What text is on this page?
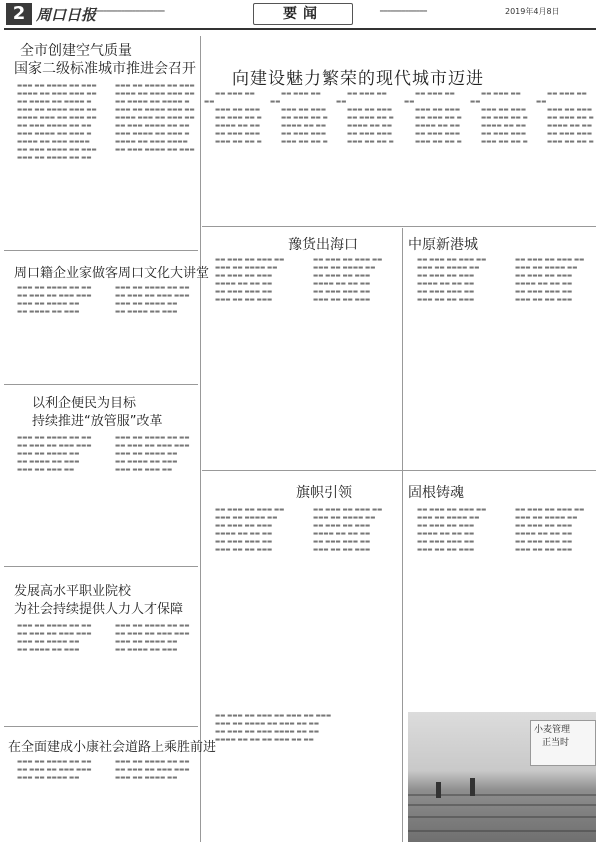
2 周口日报 ━━━━━━━━━━━━━━━━━━━	要闻	━━━━━━━━━━━━━	2019年4月8日
全市创建空气质量
国家二级标准城市推进会召开

▬▬▬ ▬▬ ▬▬▬▬ ▬▬ ▬▬▬

▬▬▬▬ ▬▬ ▬▬▬ ▬▬▬ ▬▬

▬▬ ▬▬▬▬ ▬▬ ▬▬▬▬ ▬

▬▬▬ ▬▬ ▬▬▬▬ ▬▬▬ ▬▬

▬▬▬▬ ▬▬▬ ▬▬ ▬▬▬ ▬▬

▬▬ ▬▬▬ ▬▬▬▬ ▬▬ ▬▬

▬▬▬ ▬▬▬▬ ▬▬ ▬▬▬ ▬

▬▬▬▬ ▬▬ ▬▬▬ ▬▬▬▬

▬▬ ▬▬▬ ▬▬▬▬ ▬▬ ▬▬▬

▬▬▬ ▬▬ ▬▬▬▬ ▬▬ ▬▬

▬▬▬ ▬▬ ▬▬▬▬ ▬▬ ▬▬▬

▬▬▬▬ ▬▬ ▬▬▬ ▬▬▬ ▬▬

▬▬ ▬▬▬▬ ▬▬ ▬▬▬▬ ▬

▬▬▬ ▬▬ ▬▬▬▬ ▬▬▬ ▬▬

▬▬▬▬ ▬▬▬ ▬▬ ▬▬▬ ▬▬

▬▬ ▬▬▬ ▬▬▬▬ ▬▬ ▬▬

▬▬▬ ▬▬▬▬ ▬▬ ▬▬▬ ▬

▬▬▬▬ ▬▬ ▬▬▬ ▬▬▬▬

▬▬ ▬▬▬ ▬▬▬▬ ▬▬ ▬▬▬

向建设魅力繁荣的现代城市迈进

▬▬ ▬▬▬ ▬▬ ▬▬

▬▬▬ ▬▬ ▬▬▬

▬▬ ▬▬▬ ▬▬ ▬

▬▬▬▬ ▬▬ ▬▬

▬▬ ▬▬▬ ▬▬▬

▬▬▬ ▬▬ ▬▬ ▬

▬▬ ▬▬▬ ▬▬ ▬▬

▬▬▬ ▬▬ ▬▬▬

▬▬ ▬▬▬ ▬▬ ▬

▬▬▬▬ ▬▬ ▬▬

▬▬ ▬▬▬ ▬▬▬

▬▬▬ ▬▬ ▬▬ ▬

▬▬ ▬▬▬ ▬▬ ▬▬

▬▬▬ ▬▬ ▬▬▬

▬▬ ▬▬▬ ▬▬ ▬

▬▬▬▬ ▬▬ ▬▬

▬▬ ▬▬▬ ▬▬▬

▬▬▬ ▬▬ ▬▬ ▬

▬▬ ▬▬▬ ▬▬ ▬▬

▬▬▬ ▬▬ ▬▬▬

▬▬ ▬▬▬ ▬▬ ▬

▬▬▬▬ ▬▬ ▬▬

▬▬ ▬▬▬ ▬▬▬

▬▬▬ ▬▬ ▬▬ ▬

▬▬ ▬▬▬ ▬▬ ▬▬

▬▬▬ ▬▬ ▬▬▬

▬▬ ▬▬▬ ▬▬ ▬

▬▬▬▬ ▬▬ ▬▬

▬▬ ▬▬▬ ▬▬▬

▬▬▬ ▬▬ ▬▬ ▬

▬▬ ▬▬▬ ▬▬ ▬▬

▬▬▬ ▬▬ ▬▬▬

▬▬ ▬▬▬ ▬▬ ▬

▬▬▬▬ ▬▬ ▬▬

▬▬ ▬▬▬ ▬▬▬

▬▬▬ ▬▬ ▬▬ ▬

周口籍企业家做客周口文化大讲堂

▬▬▬ ▬▬ ▬▬▬▬ ▬▬ ▬▬

▬▬ ▬▬▬ ▬▬ ▬▬▬ ▬▬▬

▬▬▬ ▬▬ ▬▬▬▬ ▬▬

▬▬ ▬▬▬▬ ▬▬ ▬▬▬

▬▬▬ ▬▬ ▬▬▬▬ ▬▬ ▬▬

▬▬ ▬▬▬ ▬▬ ▬▬▬ ▬▬▬

▬▬▬ ▬▬ ▬▬▬▬ ▬▬

▬▬ ▬▬▬▬ ▬▬ ▬▬▬

以利企便民为目标
持续推进“放管服”改革

▬▬▬ ▬▬ ▬▬▬▬ ▬▬ ▬▬

▬▬ ▬▬▬ ▬▬ ▬▬▬ ▬▬▬

▬▬▬ ▬▬ ▬▬▬▬ ▬▬

▬▬ ▬▬▬▬ ▬▬ ▬▬▬

▬▬▬ ▬▬ ▬▬▬ ▬▬

▬▬▬ ▬▬ ▬▬▬▬ ▬▬ ▬▬

▬▬ ▬▬▬ ▬▬ ▬▬▬ ▬▬▬

▬▬▬ ▬▬ ▬▬▬▬ ▬▬

▬▬ ▬▬▬▬ ▬▬ ▬▬▬

▬▬▬ ▬▬ ▬▬▬ ▬▬

发展高水平职业院校
为社会持续提供人力人才保障

▬▬▬ ▬▬ ▬▬▬▬ ▬▬ ▬▬

▬▬ ▬▬▬ ▬▬ ▬▬▬ ▬▬▬

▬▬▬ ▬▬ ▬▬▬▬ ▬▬

▬▬ ▬▬▬▬ ▬▬ ▬▬▬

▬▬▬ ▬▬ ▬▬▬▬ ▬▬ ▬▬

▬▬ ▬▬▬ ▬▬ ▬▬▬ ▬▬▬

▬▬▬ ▬▬ ▬▬▬▬ ▬▬

▬▬ ▬▬▬▬ ▬▬ ▬▬▬

在全面建成小康社会道路上乘胜前进

▬▬▬ ▬▬ ▬▬▬▬ ▬▬ ▬▬

▬▬ ▬▬▬ ▬▬ ▬▬▬ ▬▬▬

▬▬▬ ▬▬ ▬▬▬▬ ▬▬

▬▬▬ ▬▬ ▬▬▬▬ ▬▬ ▬▬

▬▬ ▬▬▬ ▬▬ ▬▬▬ ▬▬▬

▬▬▬ ▬▬ ▬▬▬▬ ▬▬

豫货出海口	中原新港城

▬▬ ▬▬▬ ▬▬ ▬▬▬ ▬▬

▬▬▬ ▬▬ ▬▬▬▬ ▬▬

▬▬ ▬▬▬ ▬▬ ▬▬▬

▬▬▬▬ ▬▬ ▬▬ ▬▬

▬▬ ▬▬▬ ▬▬▬ ▬▬

▬▬▬ ▬▬ ▬▬ ▬▬▬

▬▬ ▬▬▬ ▬▬ ▬▬▬ ▬▬

▬▬▬ ▬▬ ▬▬▬▬ ▬▬

▬▬ ▬▬▬ ▬▬ ▬▬▬

▬▬▬▬ ▬▬ ▬▬ ▬▬

▬▬ ▬▬▬ ▬▬▬ ▬▬

▬▬▬ ▬▬ ▬▬ ▬▬▬

▬▬ ▬▬▬ ▬▬ ▬▬▬ ▬▬

▬▬▬ ▬▬ ▬▬▬▬ ▬▬

▬▬ ▬▬▬ ▬▬ ▬▬▬

▬▬▬▬ ▬▬ ▬▬ ▬▬

▬▬ ▬▬▬ ▬▬▬ ▬▬

▬▬▬ ▬▬ ▬▬ ▬▬▬

▬▬ ▬▬▬ ▬▬ ▬▬▬ ▬▬

▬▬▬ ▬▬ ▬▬▬▬ ▬▬

▬▬ ▬▬▬ ▬▬ ▬▬▬

▬▬▬▬ ▬▬ ▬▬ ▬▬

▬▬ ▬▬▬ ▬▬▬ ▬▬

▬▬▬ ▬▬ ▬▬ ▬▬▬

旗帜引领	固根铸魂

▬▬ ▬▬▬ ▬▬ ▬▬▬ ▬▬

▬▬▬ ▬▬ ▬▬▬▬ ▬▬

▬▬ ▬▬▬ ▬▬ ▬▬▬

▬▬▬▬ ▬▬ ▬▬ ▬▬

▬▬ ▬▬▬ ▬▬▬ ▬▬

▬▬▬ ▬▬ ▬▬ ▬▬▬

▬▬ ▬▬▬ ▬▬ ▬▬▬ ▬▬

▬▬▬ ▬▬ ▬▬▬▬ ▬▬

▬▬ ▬▬▬ ▬▬ ▬▬▬

▬▬▬▬ ▬▬ ▬▬ ▬▬

▬▬ ▬▬▬ ▬▬▬ ▬▬

▬▬▬ ▬▬ ▬▬ ▬▬▬

▬▬ ▬▬▬ ▬▬ ▬▬▬ ▬▬

▬▬▬ ▬▬ ▬▬▬▬ ▬▬

▬▬ ▬▬▬ ▬▬ ▬▬▬

▬▬▬▬ ▬▬ ▬▬ ▬▬

▬▬ ▬▬▬ ▬▬▬ ▬▬

▬▬▬ ▬▬ ▬▬ ▬▬▬

▬▬ ▬▬▬ ▬▬ ▬▬▬ ▬▬

▬▬▬ ▬▬ ▬▬▬▬ ▬▬

▬▬ ▬▬▬ ▬▬ ▬▬▬

▬▬▬▬ ▬▬ ▬▬ ▬▬

▬▬ ▬▬▬ ▬▬▬ ▬▬

▬▬▬ ▬▬ ▬▬ ▬▬▬

▬▬ ▬▬▬ ▬▬ ▬▬▬ ▬▬ ▬▬▬ ▬▬ ▬▬▬

▬▬▬ ▬▬ ▬▬▬▬ ▬▬ ▬▬▬ ▬▬ ▬▬

▬▬ ▬▬▬ ▬▬ ▬▬▬ ▬▬▬▬ ▬▬ ▬▬

▬▬▬▬ ▬▬ ▬▬ ▬▬ ▬▬▬ ▬▬ ▬▬

小麦管理
正当时
